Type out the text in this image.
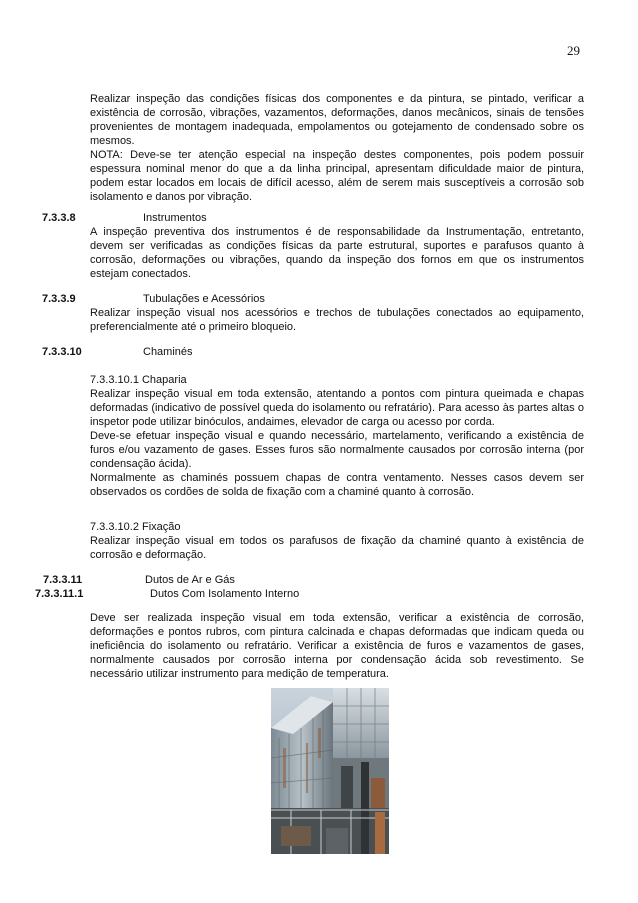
29

Realizar inspeção das condições físicas dos componentes e da pintura, se pintado, verificar a existência de corrosão, vibrações, vazamentos, deformações, danos mecânicos, sinais de tensões provenientes de montagem inadequada, empolamentos ou gotejamento de condensado sobre os mesmos.

NOTA: Deve-se ter atenção especial na inspeção destes componentes, pois podem possuir espessura nominal menor do que a da linha principal, apresentam dificuldade maior de pintura, podem estar locados em locais de difícil acesso, além de serem mais susceptíveis a corrosão sob isolamento e danos por vibração.

7.3.3.8	Instrumentos

A inspeção preventiva dos instrumentos é de responsabilidade da Instrumentação, entretanto, devem ser verificadas as condições físicas da parte estrutural, suportes e parafusos quanto à corrosão, deformações ou vibrações, quando da inspeção dos fornos em que os instrumentos estejam conectados.

7.3.3.9	Tubulações e Acessórios

Realizar inspeção visual nos acessórios e trechos de tubulações conectados ao equipamento, preferencialmente até o primeiro bloqueio.

7.3.3.10	Chaminés

7.3.3.10.1 Chaparia

Realizar inspeção visual em toda extensão, atentando a pontos com pintura queimada e chapas deformadas (indicativo de possível queda do isolamento ou refratário). Para acesso às partes altas o inspetor pode utilizar binóculos, andaimes, elevador de carga ou acesso por corda.

Deve-se efetuar inspeção visual e quando necessário, martelamento, verificando a existência de furos e/ou vazamento de gases. Esses furos são normalmente causados por corrosão interna (por condensação ácida).

Normalmente as chaminés possuem chapas de contra ventamento. Nesses casos devem ser observados os cordões de solda de fixação com a chaminé quanto à corrosão.

7.3.3.10.2 Fixação

Realizar inspeção visual em todos os parafusos de fixação da chaminé quanto à existência de corrosão e deformação.

7.3.3.11	Dutos de Ar e Gás
7.3.3.11.1	Dutos Com Isolamento Interno

Deve ser realizada inspeção visual em toda extensão, verificar a existência de corrosão, deformações e pontos rubros, com pintura calcinada e chapas deformadas que indicam queda ou ineficiência do isolamento ou refratário. Verificar a existência de furos e vazamentos de gases, normalmente causados por corrosão interna por condensação ácida sob revestimento. Se necessário utilizar instrumento para medição de temperatura.
